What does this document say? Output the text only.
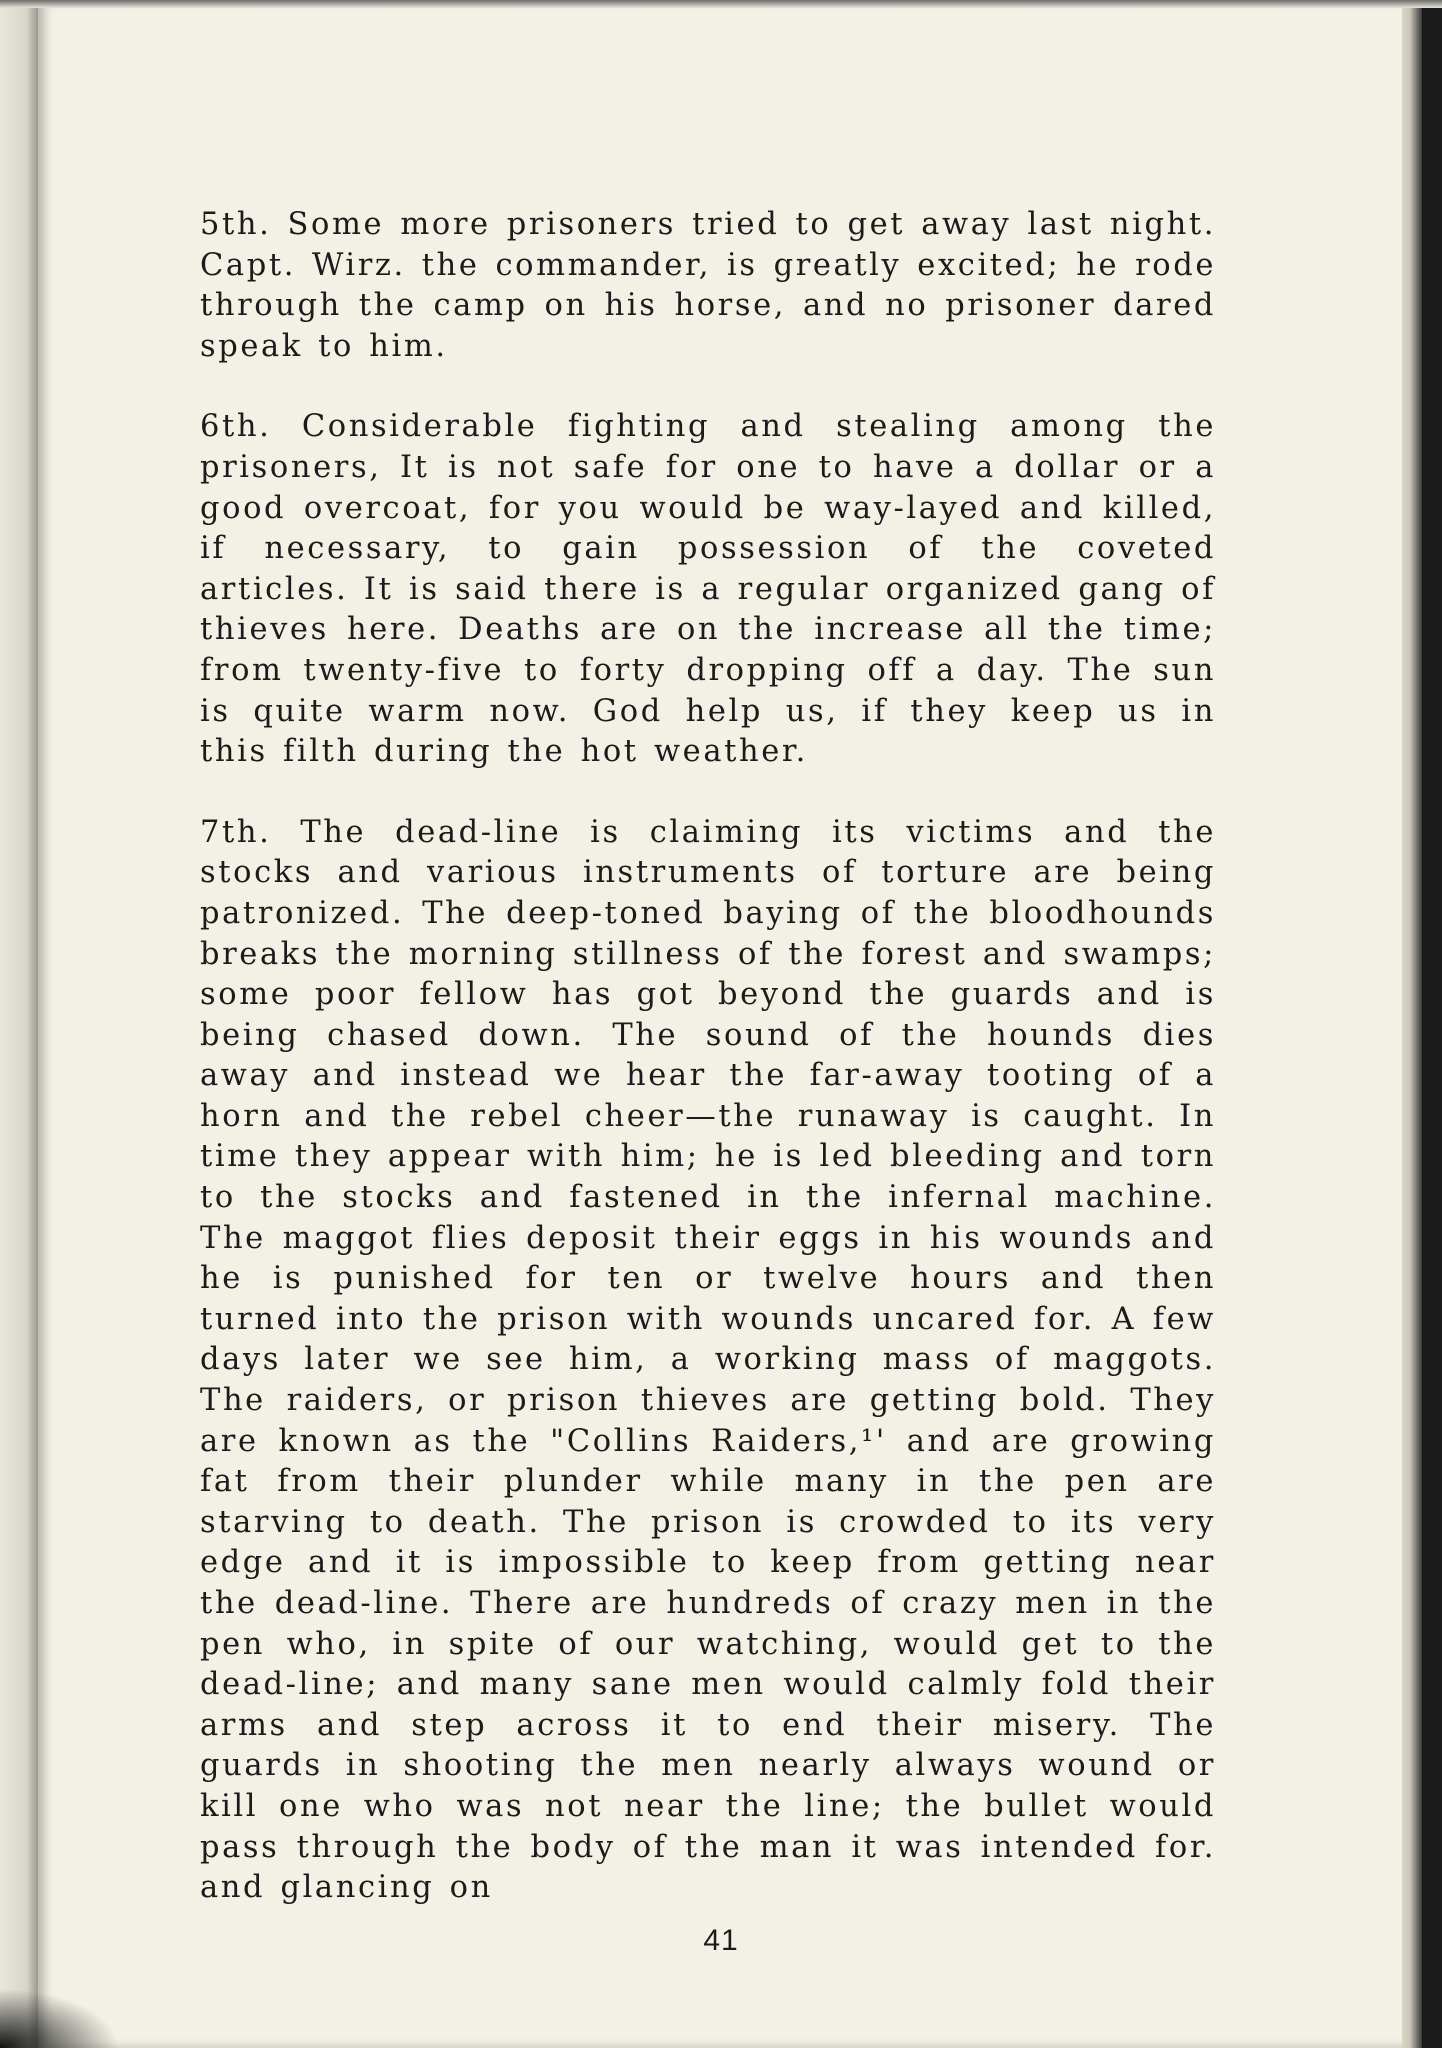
5th. Some more prisoners tried to get away last night. Capt. Wirz. the commander, is greatly excited; he rode through the camp on his horse, and no prisoner dared speak to him.

6th. Considerable fighting and stealing among the prisoners, It is not safe for one to have a dollar or a good overcoat, for you would be way-layed and killed, if necessary, to gain possession of the coveted articles. It is said there is a regular organized gang of thieves here. Deaths are on the increase all the time; from twenty-five to forty dropping off a day. The sun is quite warm now. God help us, if they keep us in this filth during the hot weather.

7th. The dead-line is claiming its victims and the stocks and various instruments of torture are being patronized. The deep-toned baying of the bloodhounds breaks the morning stillness of the forest and swamps; some poor fellow has got beyond the guards and is being chased down. The sound of the hounds dies away and instead we hear the far-away tooting of a horn and the rebel cheer—the runaway is caught. In time they appear with him; he is led bleeding and torn to the stocks and fastened in the infernal machine. The maggot flies deposit their eggs in his wounds and he is punished for ten or twelve hours and then turned into the prison with wounds uncared for. A few days later we see him, a working mass of maggots. The raiders, or prison thieves are getting bold. They are known as the "Collins Raiders,¹' and are growing fat from their plunder while many in the pen are starving to death. The prison is crowded to its very edge and it is impossible to keep from getting near the dead-line. There are hundreds of crazy men in the pen who, in spite of our watching, would get to the dead-line; and many sane men would calmly fold their arms and step across it to end their misery. The guards in shooting the men nearly always wound or kill one who was not near the line; the bullet would pass through the body of the man it was intended for. and glancing on

41
